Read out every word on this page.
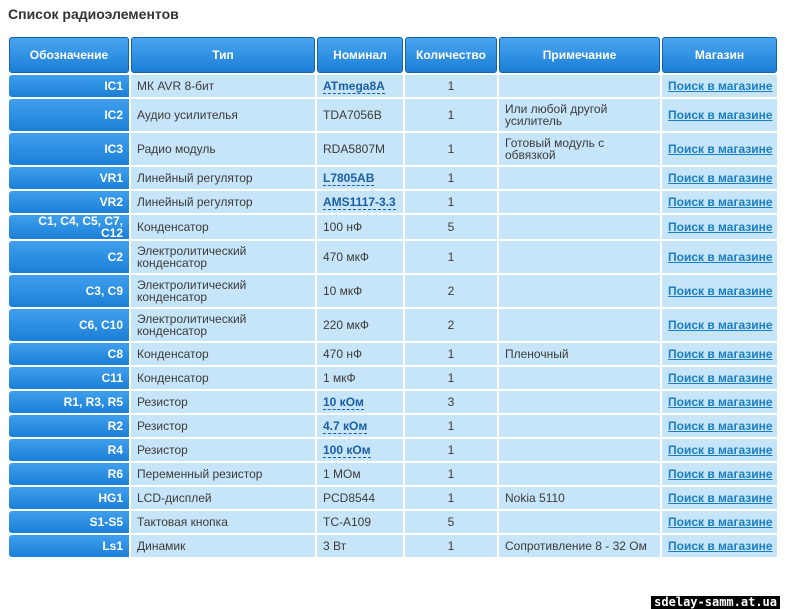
Список радиоэлементов
Обозначение	Тип	Номинал	Количество	Примечание	Магазин
IC1	МК AVR 8-бит	ATmega8A	1		Поиск в магазине
IC2	Аудио усилителья	TDA7056B	1	Или любой другой усилитель	Поиск в магазине
IC3	Радио модуль	RDA5807M	1	Готовый модуль с обвязкой	Поиск в магазине
VR1	Линейный регулятор	L7805AB	1		Поиск в магазине
VR2	Линейный регулятор	AMS1117-3.3	1		Поиск в магазине
C1, C4, C5, C7, C12	Конденсатор	100 нФ	5		Поиск в магазине
C2	Электролитический конденсатор	470 мкФ	1		Поиск в магазине
C3, C9	Электролитический конденсатор	10 мкФ	2		Поиск в магазине
C6, C10	Электролитический конденсатор	220 мкФ	2		Поиск в магазине
C8	Конденсатор	470 нФ	1	Пленочный	Поиск в магазине
C11	Конденсатор	1 мкФ	1		Поиск в магазине
R1, R3, R5	Резистор	10 кОм	3		Поиск в магазине
R2	Резистор	4.7 кОм	1		Поиск в магазине
R4	Резистор	100 кОм	1		Поиск в магазине
R6	Переменный резистор	1 МОм	1		Поиск в магазине
HG1	LCD-дисплей	PCD8544	1	Nokia 5110	Поиск в магазине
S1-S5	Тактовая кнопка	TC-A109	5		Поиск в магазине
Ls1	Динамик	3 Вт	1	Сопротивление 8 - 32 Ом	Поиск в магазине
sdelay-samm.at.ua
